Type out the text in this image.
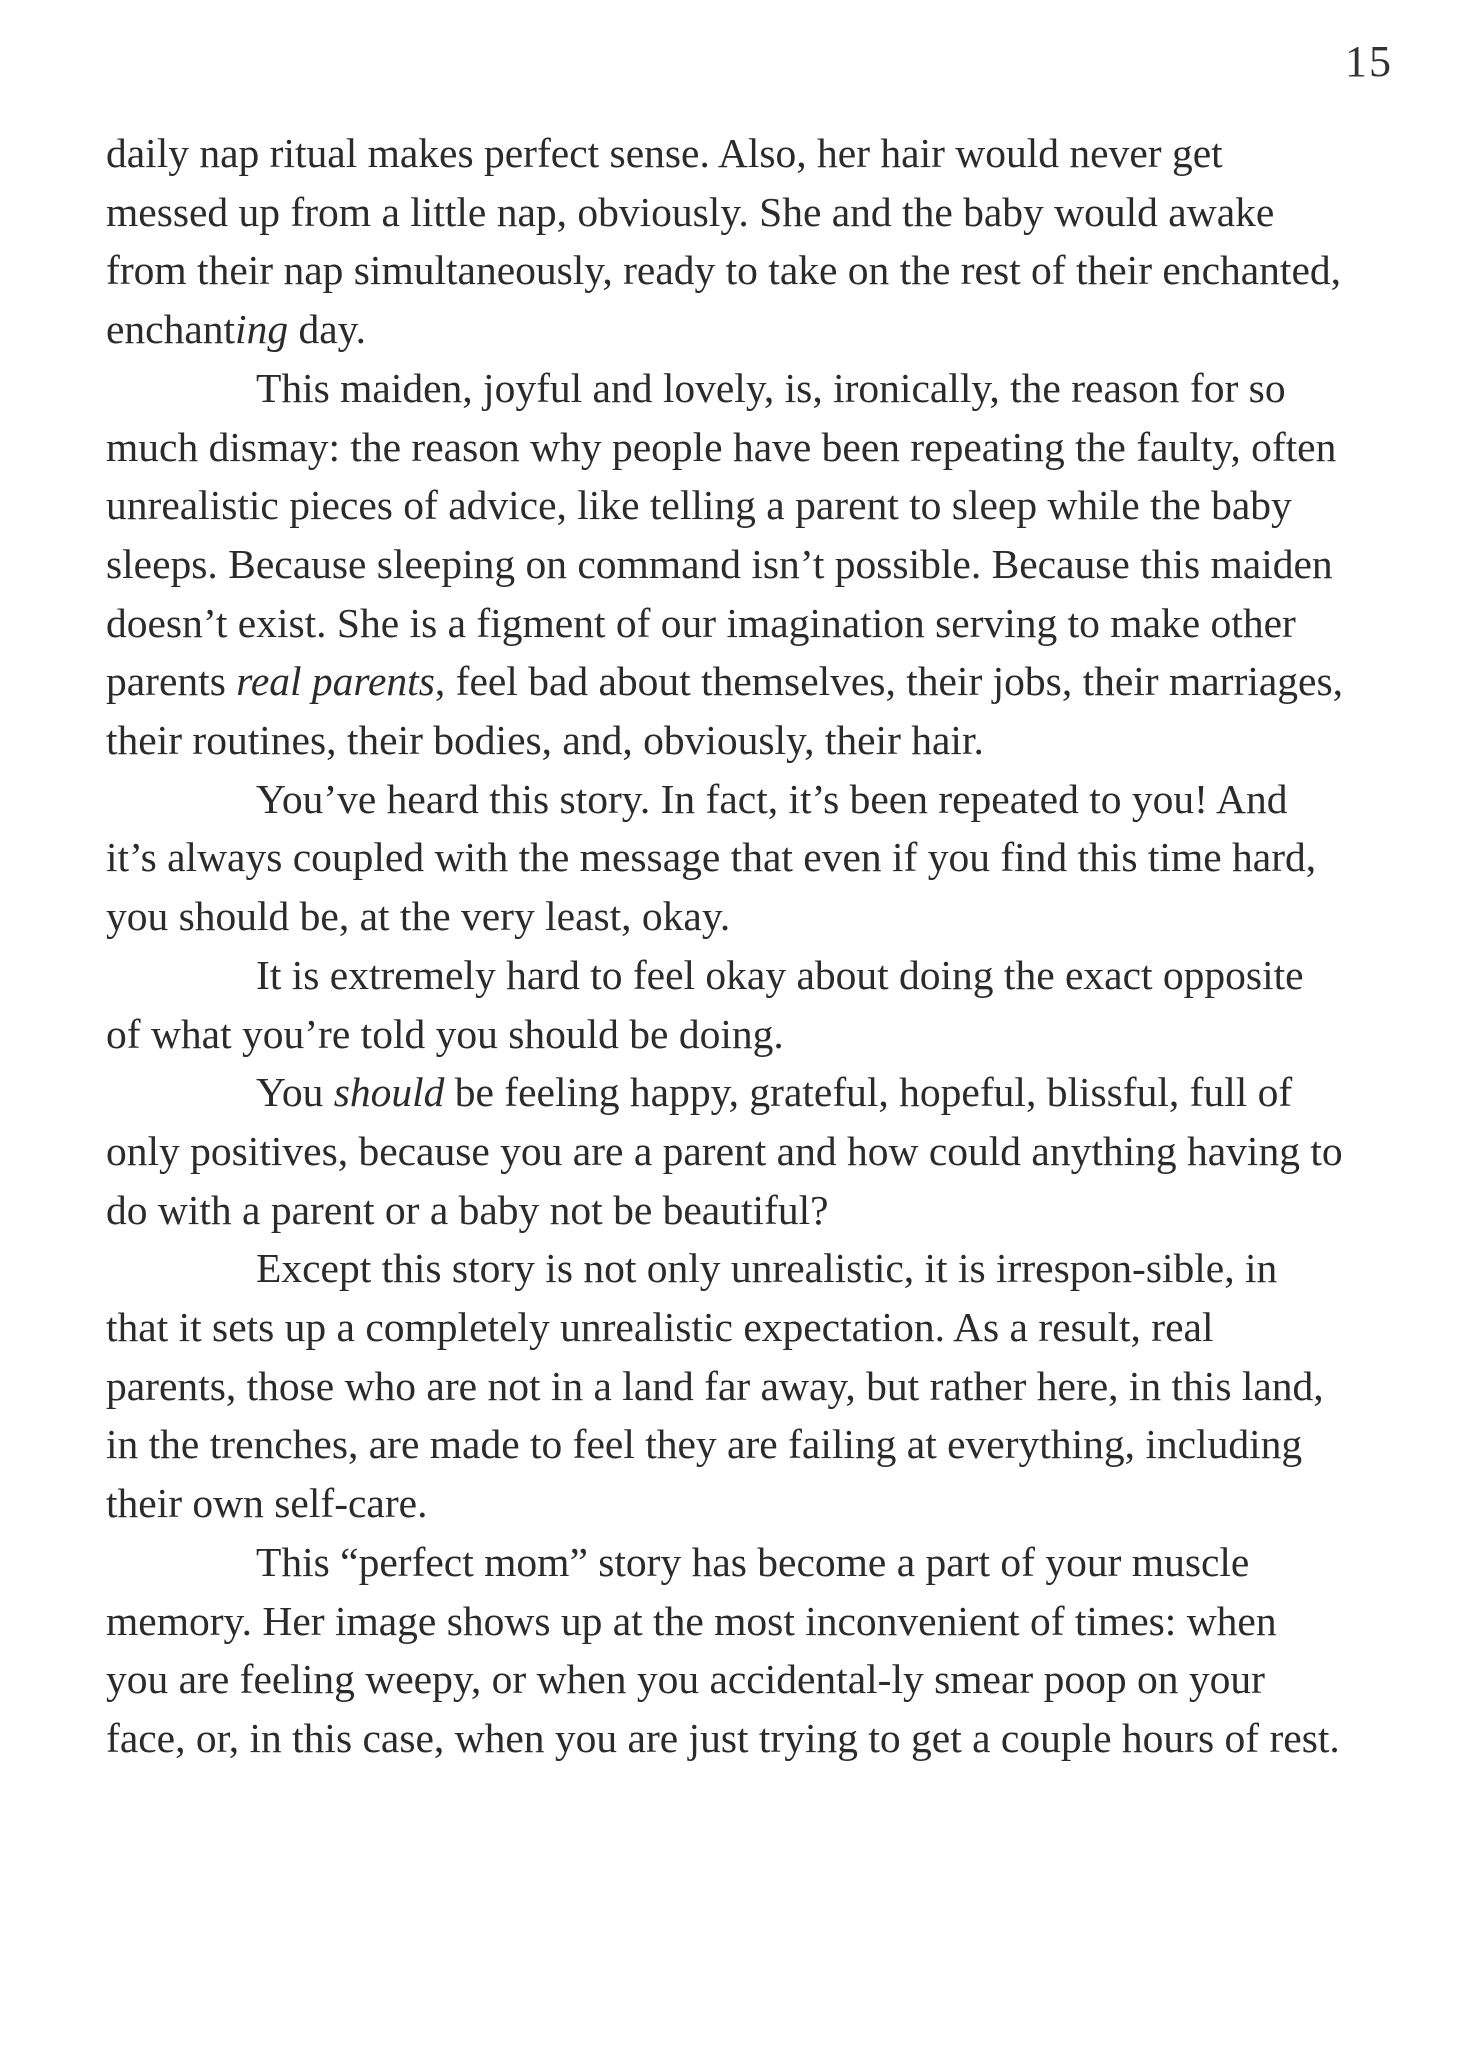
15

daily nap ritual makes perfect sense. Also, her hair would never get messed up from a little nap, obviously. She and the baby would awake from their nap simultaneously, ready to take on the rest of their enchanted, enchanting day.

This maiden, joyful and lovely, is, ironically, the reason for so much dismay: the reason why people have been repeating the faulty, often unrealistic pieces of advice, like telling a parent to sleep while the baby sleeps. Because sleeping on command isn’t possible. Because this maiden doesn’t exist. She is a figment of our imagination serving to make other parents real parents, feel bad about themselves, their jobs, their marriages, their routines, their bodies, and, obviously, their hair.

You’ve heard this story. In fact, it’s been repeated to you! And it’s always coupled with the message that even if you find this time hard, you should be, at the very least, okay.

It is extremely hard to feel okay about doing the exact opposite of what you’re told you should be doing.

You should be feeling happy, grateful, hopeful, blissful, full of only positives, because you are a parent and how could anything having to do with a parent or a baby not be beautiful?

Except this story is not only unrealistic, it is irrespon-sible, in that it sets up a completely unrealistic expectation. As a result, real parents, those who are not in a land far away, but rather here, in this land, in the trenches, are made to feel they are failing at everything, including their own self-care.

This “perfect mom” story has become a part of your muscle memory. Her image shows up at the most inconvenient of times: when you are feeling weepy, or when you accidental-ly smear poop on your face, or, in this case, when you are just trying to get a couple hours of rest.
